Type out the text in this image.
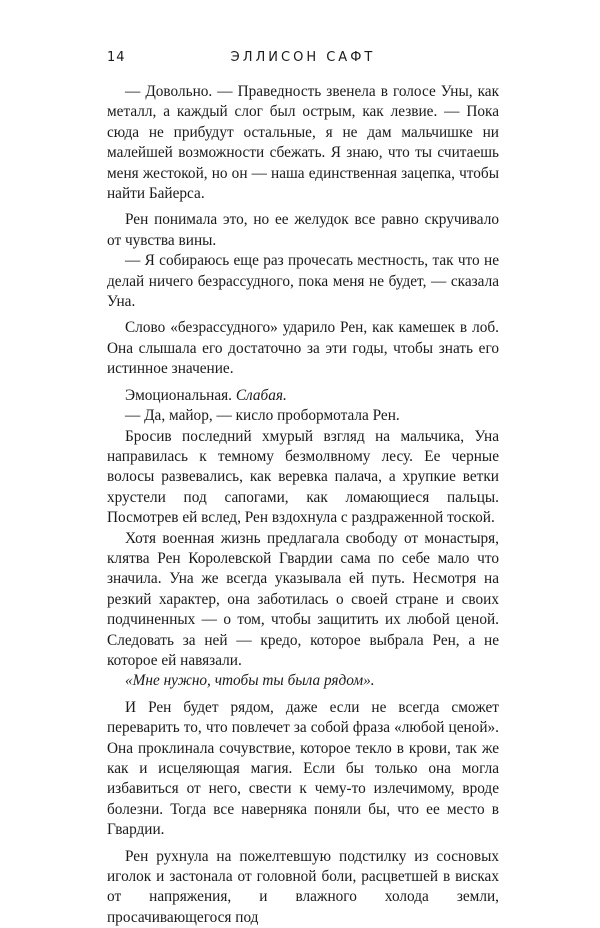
14	ЭЛЛИСОН САФТ

— Довольно. — Праведность звенела в голосе Уны, как металл, а каждый слог был острым, как лезвие. — Пока сюда не прибудут остальные, я не дам мальчишке ни малейшей возможности сбежать. Я знаю, что ты считаешь меня жестокой, но он — наша единственная зацепка, чтобы найти Байерса.

Рен понимала это, но ее желудок все равно скручивало от чувства вины.

— Я собираюсь еще раз прочесать местность, так что не делай ничего безрассудного, пока меня не будет, — сказала Уна.

Слово «безрассудного» ударило Рен, как камешек в лоб. Она слышала его достаточно за эти годы, чтобы знать его истинное значение.

Эмоциональная. Слабая.

— Да, майор, — кисло пробормотала Рен.

Бросив последний хмурый взгляд на мальчика, Уна направилась к темному безмолвному лесу. Ее черные волосы развевались, как веревка палача, а хрупкие ветки хрустели под сапогами, как ломающиеся пальцы. Посмотрев ей вслед, Рен вздохнула с раздраженной тоской.

Хотя военная жизнь предлагала свободу от монастыря, клятва Рен Королевской Гвардии сама по себе мало что значила. Уна же всегда указывала ей путь. Несмотря на резкий характер, она заботилась о своей стране и своих подчиненных — о том, чтобы защитить их любой ценой. Следовать за ней — кредо, которое выбрала Рен, а не которое ей навязали.

«Мне нужно, чтобы ты была рядом».

И Рен будет рядом, даже если не всегда сможет переварить то, что повлечет за собой фраза «любой ценой». Она проклинала сочувствие, которое текло в крови, так же как и исцеляющая магия. Если бы только она могла избавиться от него, свести к чему-то излечимому, вроде болезни. Тогда все наверняка поняли бы, что ее место в Гвардии.

Рен рухнула на пожелтевшую подстилку из сосновых иголок и застонала от головной боли, расцветшей в висках от напряжения, и влажного холода земли, просачивающегося под
